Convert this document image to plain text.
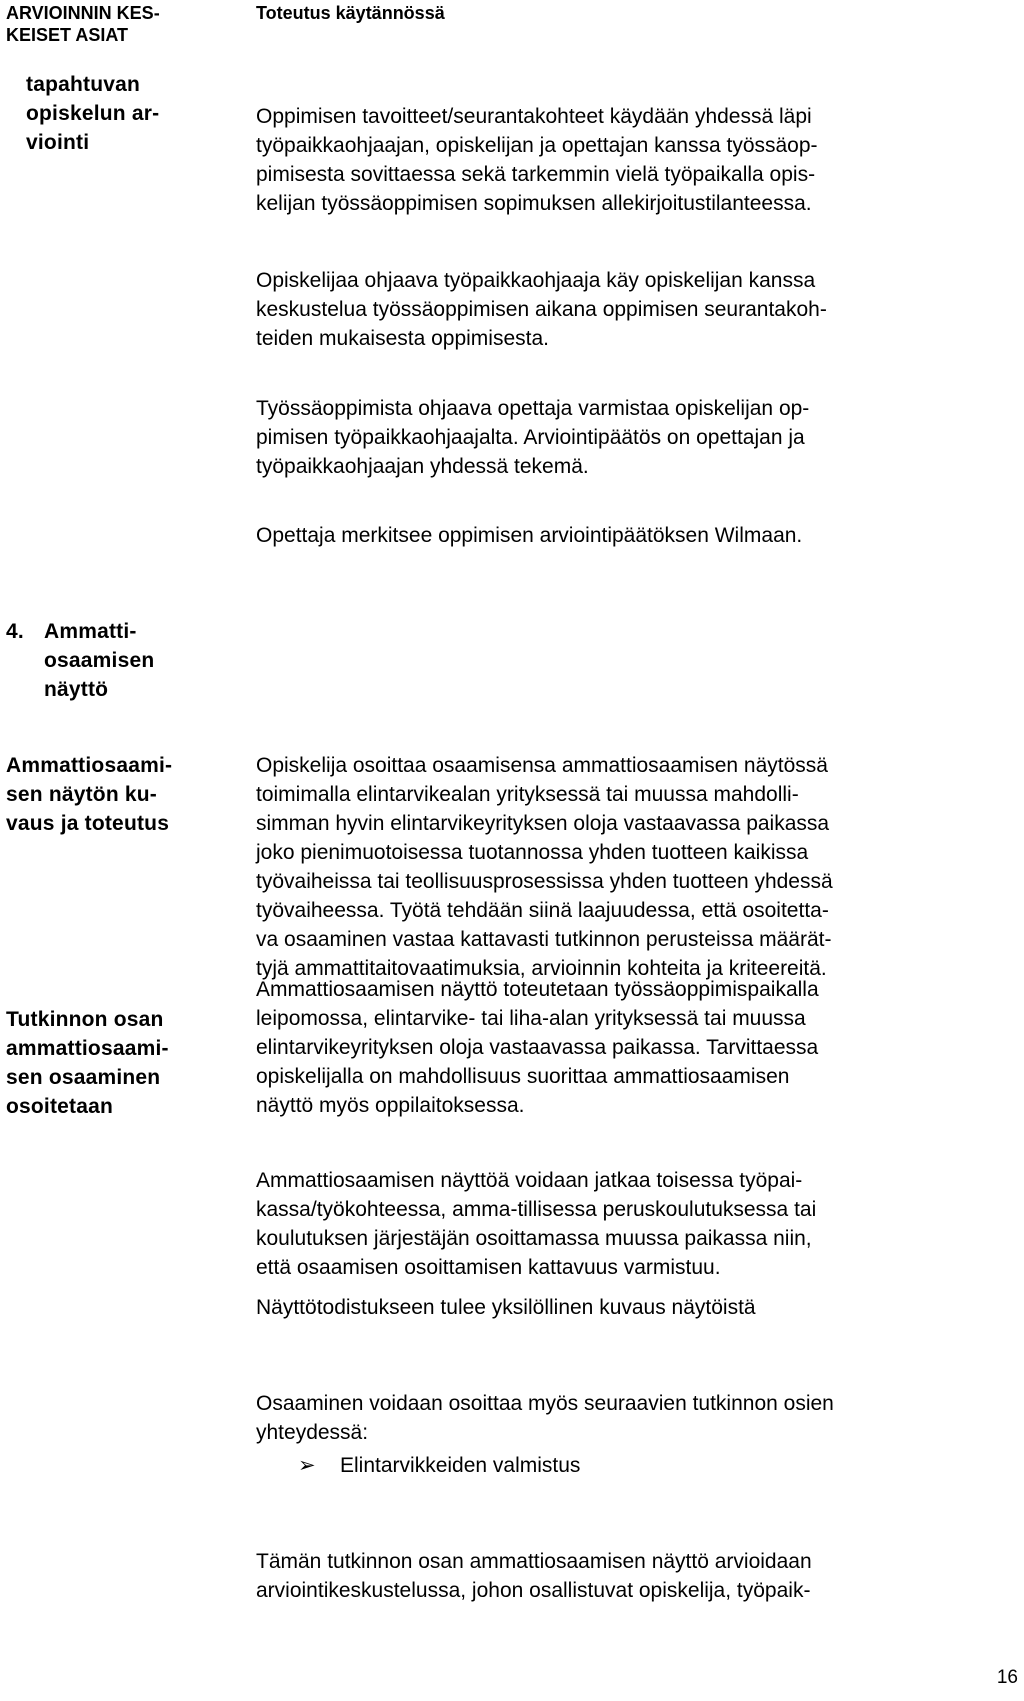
ARVIOINNIN KES-
KEISET ASIAT
Toteutus käytännössä
tapahtuvan
opiskelun ar-
viointi

Oppimisen tavoitteet/seurantakohteet käydään yhdessä läpi
työpaikkaohjaajan, opiskelijan ja opettajan kanssa työssäop-
pimisesta sovittaessa sekä tarkemmin vielä työpaikalla opis-
kelijan työssäoppimisen sopimuksen allekirjoitustilanteessa.

Opiskelijaa ohjaava työpaikkaohjaaja käy opiskelijan kanssa
keskustelua työssäoppimisen aikana oppimisen seurantakoh-
teiden mukaisesta oppimisesta.

Työssäoppimista ohjaava opettaja varmistaa opiskelijan op-
pimisen työpaikkaohjaajalta. Arviointipäätös on opettajan ja
työpaikkaohjaajan yhdessä tekemä.

Opettaja merkitsee oppimisen arviointipäätöksen Wilmaan.

4. Ammatti-
osaamisen
näyttö
Ammattiosaami-
sen näytön ku-
vaus ja toteutus

Opiskelija osoittaa osaamisensa ammattiosaamisen näytössä
toimimalla elintarvikealan yrityksessä tai muussa mahdolli-
simman hyvin elintarvikeyrityksen oloja vastaavassa paikassa
joko pienimuotoisessa tuotannossa yhden tuotteen kaikissa
työvaiheissa tai teollisuusprosessissa yhden tuotteen yhdessä
työvaiheessa. Työtä tehdään siinä laajuudessa, että osoitetta-
va osaaminen vastaa kattavasti tutkinnon perusteissa määrät-
tyjä ammattitaitovaatimuksia, arvioinnin kohteita ja kriteereitä.

Tutkinnon osan
ammattiosaami-
sen osaaminen
osoitetaan

Ammattiosaamisen näyttö toteutetaan työssäoppimispaikalla
leipomossa, elintarvike- tai liha-alan yrityksessä tai muussa
elintarvikeyrityksen oloja vastaavassa paikassa. Tarvittaessa
opiskelijalla on mahdollisuus suorittaa ammattiosaamisen
näyttö myös oppilaitoksessa.

Ammattiosaamisen näyttöä voidaan jatkaa toisessa työpai-
kassa/työkohteessa, amma-tillisessa peruskoulutuksessa tai
koulutuksen järjestäjän osoittamassa muussa paikassa niin,
että osaamisen osoittamisen kattavuus varmistuu.

Näyttötodistukseen tulee yksilöllinen kuvaus näytöistä

Osaaminen voidaan osoittaa myös seuraavien tutkinnon osien
yhteydessä:

➢ Elintarvikkeiden valmistus

Tämän tutkinnon osan ammattiosaamisen näyttö arvioidaan
arviointikeskustelussa, johon osallistuvat opiskelija, työpaik-

16
